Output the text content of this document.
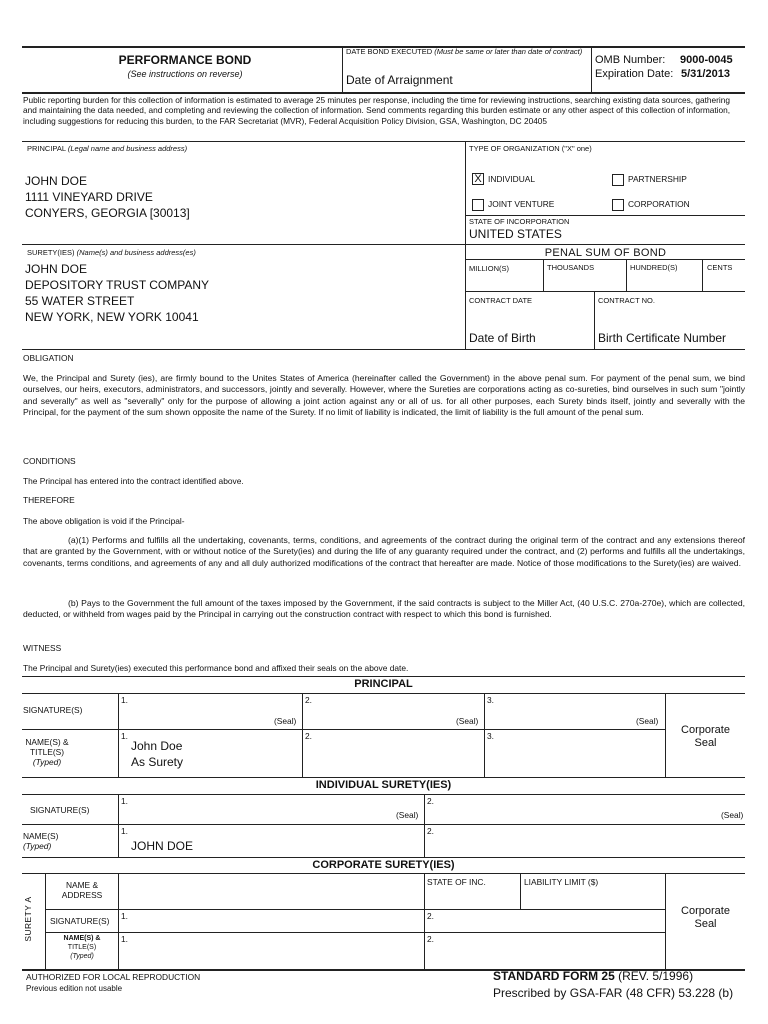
PERFORMANCE BOND
(See instructions on reverse)
DATE BOND EXECUTED (Must be same or later than date of contract)
Date of Arraignment
OMB Number: 9000-0045
Expiration Date: 5/31/2013
Public reporting burden for this collection of information is estimated to average 25 minutes per response, including the time for reviewing instructions, searching existing data sources, gathering and maintaining the data needed, and completing and reviewing the collection of information. Send comments regarding this burden estimate or any other aspect of this collection of information, including suggestions for reducing this burden, to the FAR Secretariat (MVR), Federal Acquisition Policy Division, GSA, Washington, DC 20405
PRINCIPAL (Legal name and business address)
JOHN DOE
1111 VINEYARD DRIVE
CONYERS, GEORGIA [30013]
TYPE OF ORGANIZATION ("X" one)
X INDIVIDUAL	PARTNERSHIP
JOINT VENTURE	CORPORATION
STATE OF INCORPORATION
UNITED STATES
SURETY(IES) (Name(s) and business address(es)
JOHN DOE
DEPOSITORY TRUST COMPANY
55 WATER STREET
NEW YORK, NEW YORK 10041
PENAL SUM OF BOND
MILLION(S)	THOUSANDS	HUNDRED(S)	CENTS
CONTRACT DATE
Date of Birth
CONTRACT NO.
Birth Certificate Number
OBLIGATION
We, the Principal and Surety (ies), are firmly bound to the Unites States of America (hereinafter called the Government) in the above penal sum. For payment of the penal sum, we bind ourselves, our heirs, executors, administrators, and successors, jointly and severally. However, where the Sureties are corporations acting as co-sureties, bind ourselves in such sum "jointly and severally" as well as "severally" only for the purpose of allowing a joint action against any or all of us. for all other purposes, each Surety binds itself, jointly and severally with the Principal, for the payment of the sum shown opposite the name of the Surety. If no limit of liability is indicated, the limit of liability is the full amount of the penal sum.
CONDITIONS
The Principal has entered into the contract identified above.
THEREFORE
The above obligation is void if the Principal-
(a)(1) Performs and fulfills all the undertaking, covenants, terms, conditions, and agreements of the contract during the original term of the contract and any extensions thereof that are granted by the Government, with or without notice of the Surety(ies) and during the life of any guaranty required under the contract, and (2) performs and fulfills all the undertakings, covenants, terms conditions, and agreements of any and all duly authorized modifications of the contract that hereafter are made. Notice of those modifications to the Surety(ies) are waived.
(b) Pays to the Government the full amount of the taxes imposed by the Government, if the said contracts is subject to the Miller Act, (40 U.S.C. 270a-270e), which are collected, deducted, or withheld from wages paid by the Principal in carrying out the construction contract with respect to which this bond is furnished.
WITNESS
The Principal and Surety(ies) executed this performance bond and affixed their seals on the above date.
PRINCIPAL
SIGNATURE(S)
1.	2.	3.
(Seal)	(Seal)	(Seal)
NAME(S) &
TITLE(S)
(Typed)
1.	2.	3.
John Doe
As Surety
Corporate
Seal
INDIVIDUAL SURETY(IES)
SIGNATURE(S)
1.	2.
(Seal)	(Seal)
NAME(S)
(Typed)
1.	2.
JOHN DOE
CORPORATE SURETY(IES)
SURETY A
NAME &
ADDRESS
STATE OF INC.	LIABILITY LIMIT ($)
SIGNATURE(S) 1.	2.
NAME(S) &
TITLE(S)
(Typed)
1.	2.
Corporate
Seal
AUTHORIZED FOR LOCAL REPRODUCTION
Previous edition not usable
STANDARD FORM 25 (REV. 5/1996)
Prescribed by GSA-FAR (48 CFR) 53.228 (b)
